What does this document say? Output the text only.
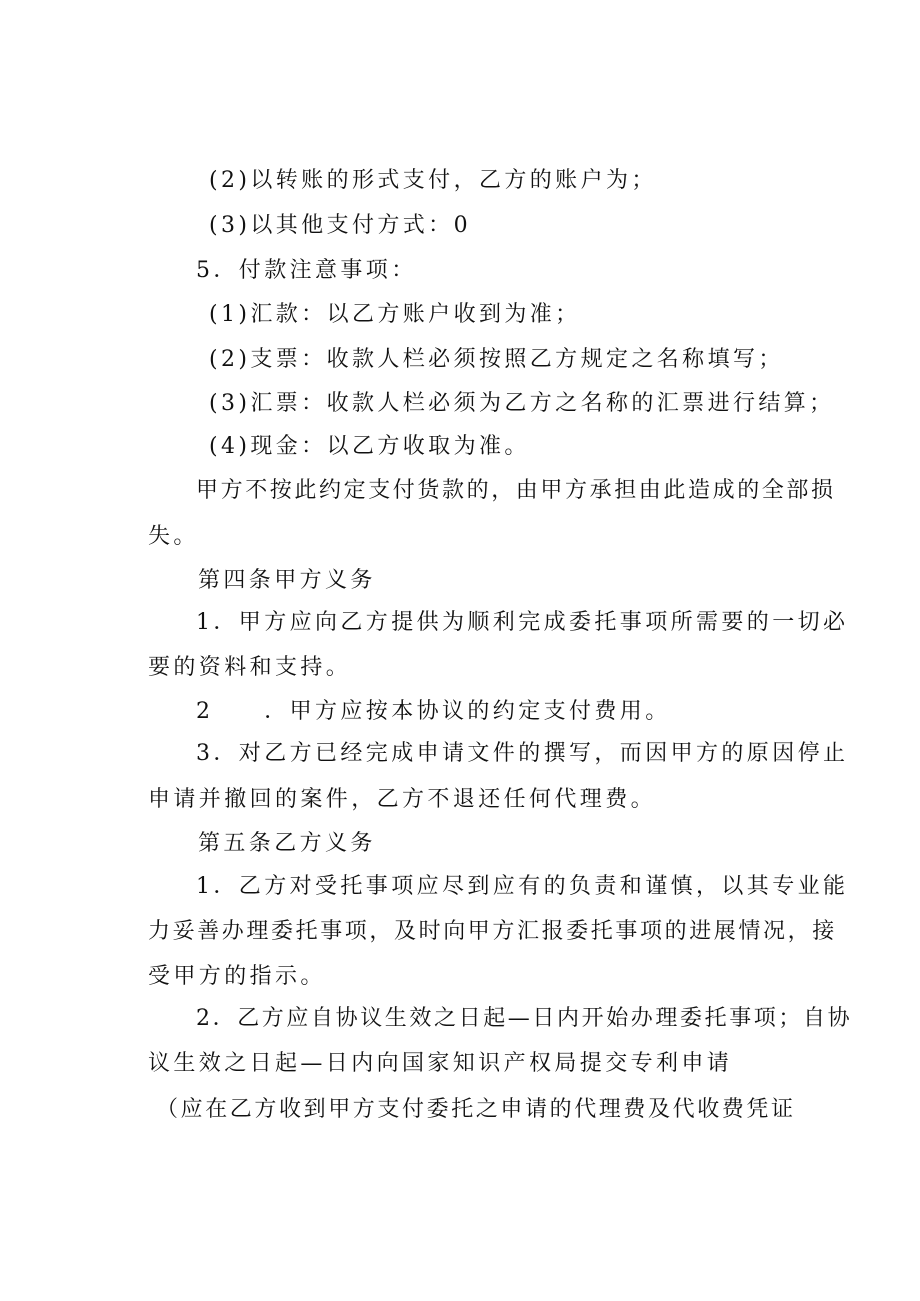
(2)以转账的形式支付，乙方的账户为；
(3)以其他支付方式：0
5．付款注意事项：
(1)汇款：以乙方账户收到为准；
(2)支票：收款人栏必须按照乙方规定之名称填写；
(3)汇票：收款人栏必须为乙方之名称的汇票进行结算；
(4)现金：以乙方收取为准。
甲方不按此约定支付货款的，由甲方承担由此造成的全部损
失。
第四条甲方义务
1．甲方应向乙方提供为顺利完成委托事项所需要的一切必
要的资料和支持。
2　　．甲方应按本协议的约定支付费用。
3．对乙方已经完成申请文件的撰写，而因甲方的原因停止
申请并撤回的案件，乙方不退还任何代理费。
第五条乙方义务
1．乙方对受托事项应尽到应有的负责和谨慎，以其专业能
力妥善办理委托事项，及时向甲方汇报委托事项的进展情况，接
受甲方的指示。
2．乙方应自协议生效之日起—日内开始办理委托事项；自协
议生效之日起—日内向国家知识产权局提交专利申请
（应在乙方收到甲方支付委托之申请的代理费及代收费凭证
